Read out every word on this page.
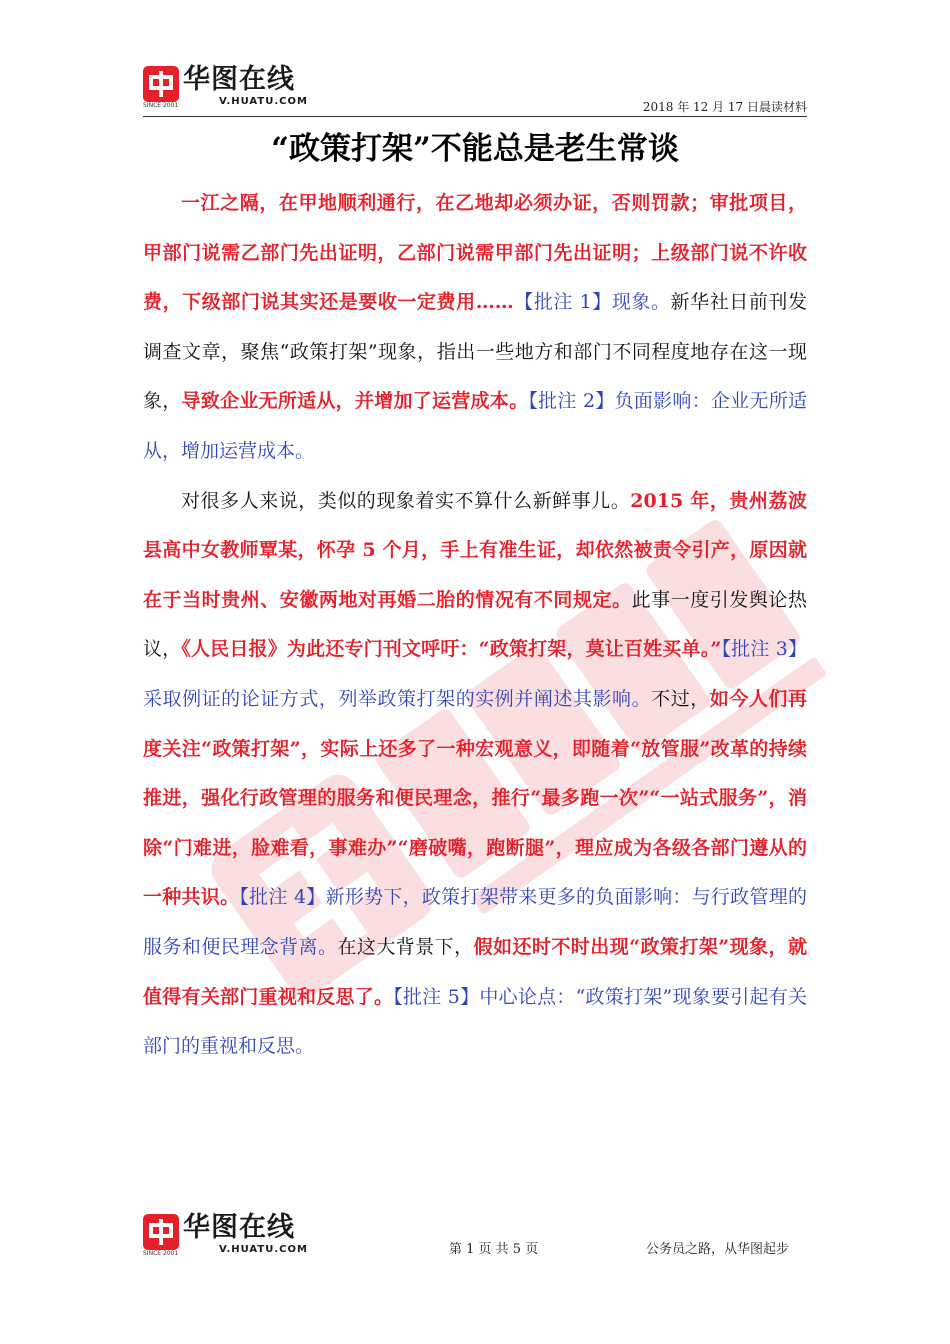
华图在线
V.HUATU.COM
SINCE 2001	2018 年 12 月 17 日晨读材料
“政策打架”不能总是老生常谈

一江之隔，在甲地顺利通行，在乙地却必须办证，否则罚款；审批项目，甲部门说需乙部门先出证明，乙部门说需甲部门先出证明；上级部门说不许收费，下级部门说其实还是要收一定费用……【批注 1】现象。新华社日前刊发调查文章，聚焦“政策打架”现象，指出一些地方和部门不同程度地存在这一现象，导致企业无所适从，并增加了运营成本。【批注 2】负面影响：企业无所适从，增加运营成本。

对很多人来说，类似的现象着实不算什么新鲜事儿。2015 年，贵州荔波县高中女教师覃某，怀孕 5 个月，手上有准生证，却依然被责令引产，原因就在于当时贵州、安徽两地对再婚二胎的情况有不同规定。此事一度引发舆论热议，《人民日报》为此还专门刊文呼吁：“政策打架，莫让百姓买单。”【批注 3】采取例证的论证方式，列举政策打架的实例并阐述其影响。不过，如今人们再度关注“政策打架”，实际上还多了一种宏观意义，即随着“放管服”改革的持续推进，强化行政管理的服务和便民理念，推行“最多跑一次”“一站式服务”，消除“门难进，脸难看，事难办”“磨破嘴，跑断腿”，理应成为各级各部门遵从的一种共识。【批注 4】新形势下，政策打架带来更多的负面影响：与行政管理的服务和便民理念背离。在这大背景下，假如还时不时出现“政策打架”现象，就值得有关部门重视和反思了。【批注 5】中心论点：“政策打架”现象要引起有关部门的重视和反思。

华图在线
V.HUATU.COM
SINCE 2001	第 1 页 共 5 页	公务员之路，从华图起步
